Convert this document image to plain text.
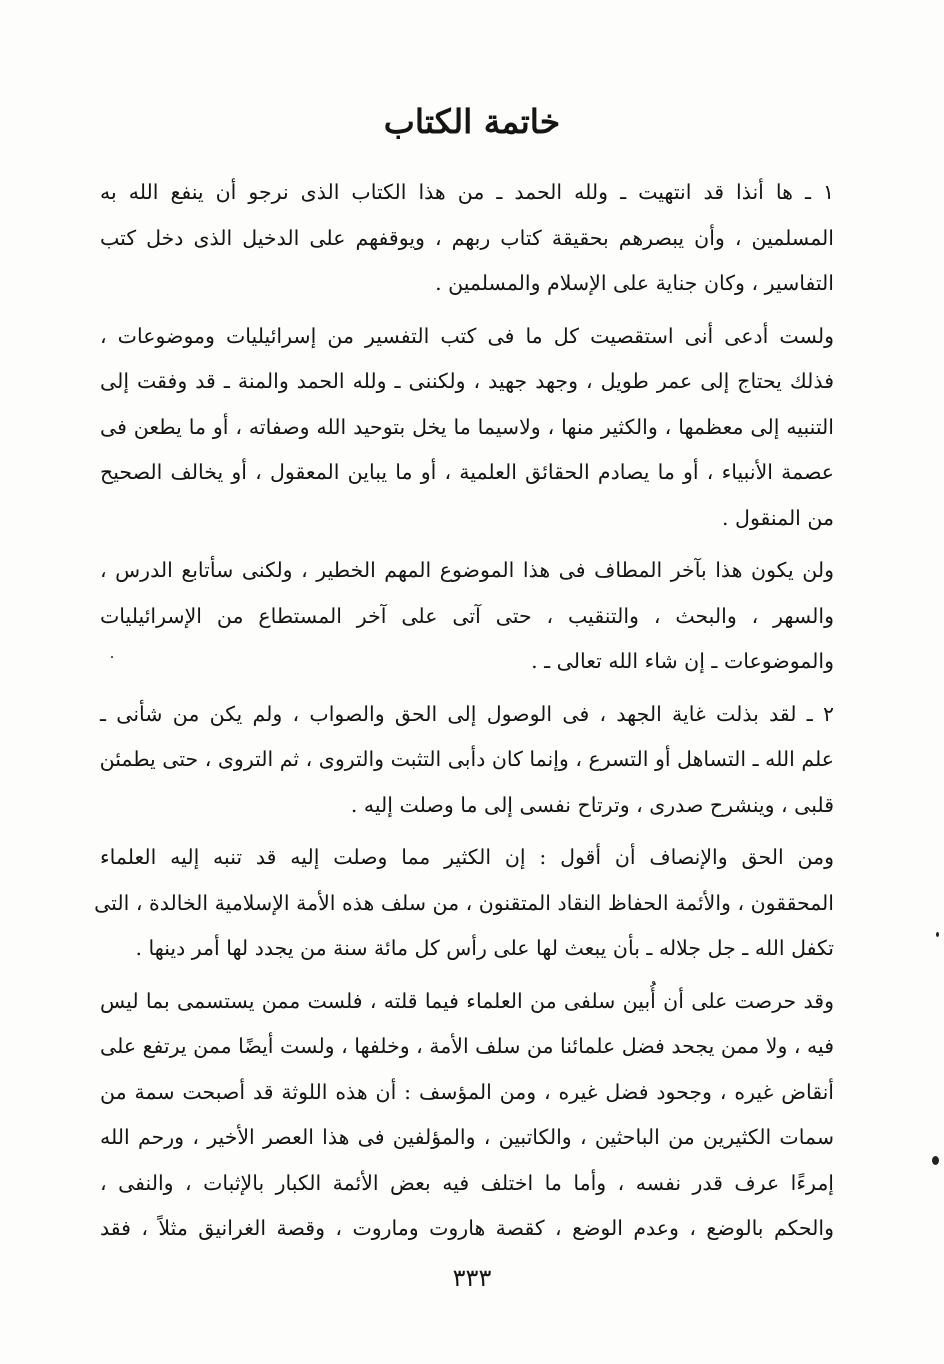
خاتمة الكتاب
١ ـ ها أنذا قد انتهيت ـ ولله الحمد ـ من هذا الكتاب الذى نرجو أن ينفع الله به
المسلمين ، وأن يبصرهم بحقيقة كتاب ربهم ، ويوقفهم على الدخيل الذى دخل كتب
التفاسير ، وكان جناية على الإسلام والمسلمين .
ولست أدعى أنى استقصيت كل ما فى كتب التفسير من إسرائيليات وموضوعات ،
فذلك يحتاج إلى عمر طويل ، وجهد جهيد ، ولكننى ـ ولله الحمد والمنة ـ قد وفقت إلى
التنبيه إلى معظمها ، والكثير منها ، ولاسيما ما يخل بتوحيد الله وصفاته ، أو ما يطعن فى
عصمة الأنبياء ، أو ما يصادم الحقائق العلمية ، أو ما يباين المعقول ، أو يخالف الصحيح
من المنقول .
ولن يكون هذا بآخر المطاف فى هذا الموضوع المهم الخطير ، ولكنى سأتابع الدرس ،
والسهر ، والبحث ، والتنقيب ، حتى آتى على آخر المستطاع من الإسرائيليات
والموضوعات ـ إن شاء الله تعالى ـ .
٢ ـ لقد بذلت غاية الجهد ، فى الوصول إلى الحق والصواب ، ولم يكن من شأنى ـ
علم الله ـ التساهل أو التسرع ، وإنما كان دأبى التثبت والتروى ، ثم التروى ، حتى يطمئن
قلبى ، وينشرح صدرى ، وترتاح نفسى إلى ما وصلت إليه .
ومن الحق والإنصاف أن أقول : إن الكثير مما وصلت إليه قد تنبه إليه العلماء
المحققون ، والأئمة الحفاظ النقاد المتقنون ، من سلف هذه الأمة الإسلامية الخالدة ، التى
تكفل الله ـ جل جلاله ـ بأن يبعث لها على رأس كل مائة سنة من يجدد لها أمر دينها .
وقد حرصت على أن أُبين سلفى من العلماء فيما قلته ، فلست ممن يستسمى بما ليس
فيه ، ولا ممن يجحد فضل علمائنا من سلف الأمة ، وخلفها ، ولست أيضًا ممن يرتفع على
أنقاض غيره ، وجحود فضل غيره ، ومن المؤسف : أن هذه اللوثة قد أصبحت سمة من
سمات الكثيرين من الباحثين ، والكاتبين ، والمؤلفين فى هذا العصر الأخير ، ورحم الله
إمرءًا عرف قدر نفسه ، وأما ما اختلف فيه بعض الأئمة الكبار بالإثبات ، والنفى ،
والحكم بالوضع ، وعدم الوضع ، كقصة هاروت وماروت ، وقصة الغرانيق مثلاً ، فقد
٣٣٣
